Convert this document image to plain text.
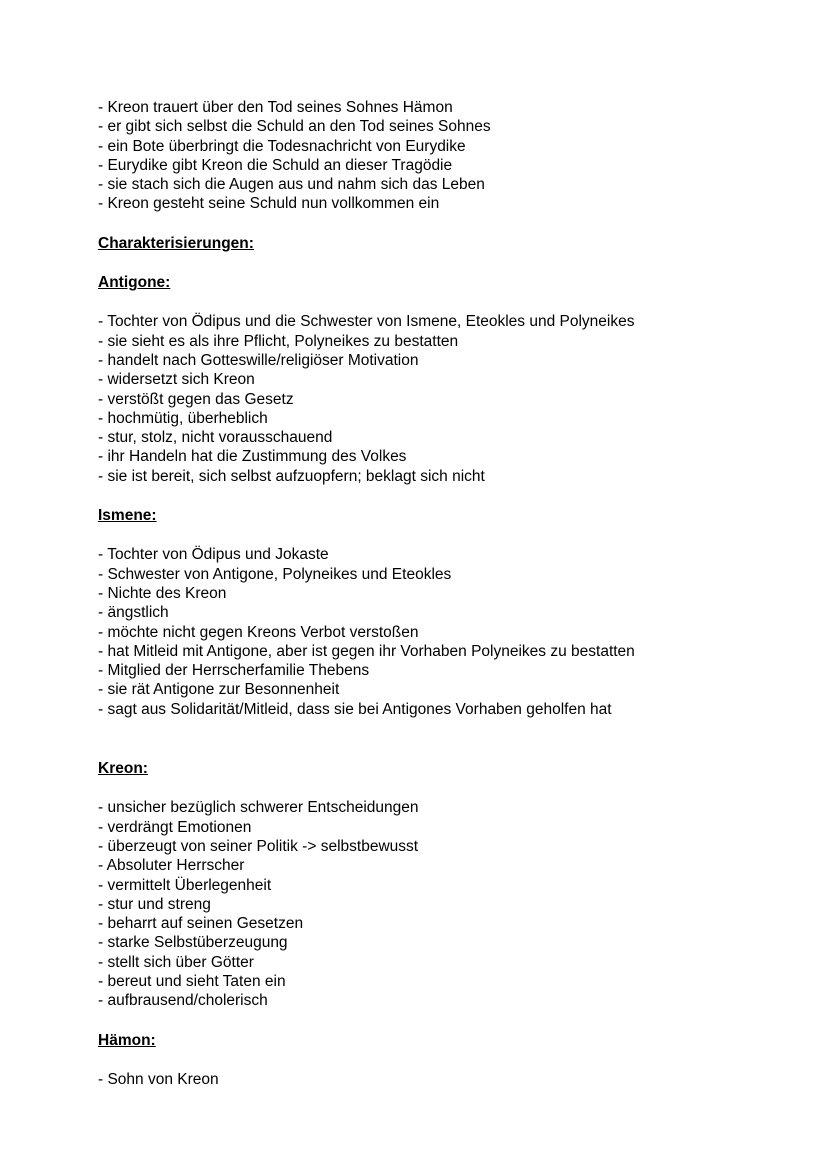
- Kreon trauert über den Tod seines Sohnes Hämon
- er gibt sich selbst die Schuld an den Tod seines Sohnes
- ein Bote überbringt die Todesnachricht von Eurydike
- Eurydike gibt Kreon die Schuld an dieser Tragödie
- sie stach sich die Augen aus und nahm sich das Leben
- Kreon gesteht seine Schuld nun vollkommen ein
Charakterisierungen:
Antigone:
- Tochter von Ödipus und die Schwester von Ismene, Eteokles und Polyneikes
- sie sieht es als ihre Pflicht, Polyneikes zu bestatten
- handelt nach Gotteswille/religiöser Motivation
- widersetzt sich Kreon
- verstößt gegen das Gesetz
- hochmütig, überheblich
- stur, stolz, nicht vorausschauend
- ihr Handeln hat die Zustimmung des Volkes
- sie ist bereit, sich selbst aufzuopfern; beklagt sich nicht
Ismene:
- Tochter von Ödipus und Jokaste
- Schwester von Antigone, Polyneikes und Eteokles
- Nichte des Kreon
- ängstlich
- möchte nicht gegen Kreons Verbot verstoßen
- hat Mitleid mit Antigone, aber ist gegen ihr Vorhaben Polyneikes zu bestatten
- Mitglied der Herrscherfamilie Thebens
- sie rät Antigone zur Besonnenheit
- sagt aus Solidarität/Mitleid, dass sie bei Antigones Vorhaben geholfen hat
Kreon:
- unsicher bezüglich schwerer Entscheidungen
- verdrängt Emotionen
- überzeugt von seiner Politik -> selbstbewusst
- Absoluter Herrscher
- vermittelt Überlegenheit
- stur und streng
- beharrt auf seinen Gesetzen
- starke Selbstüberzeugung
- stellt sich über Götter
- bereut und sieht Taten ein
- aufbrausend/cholerisch
Hämon:
- Sohn von Kreon
